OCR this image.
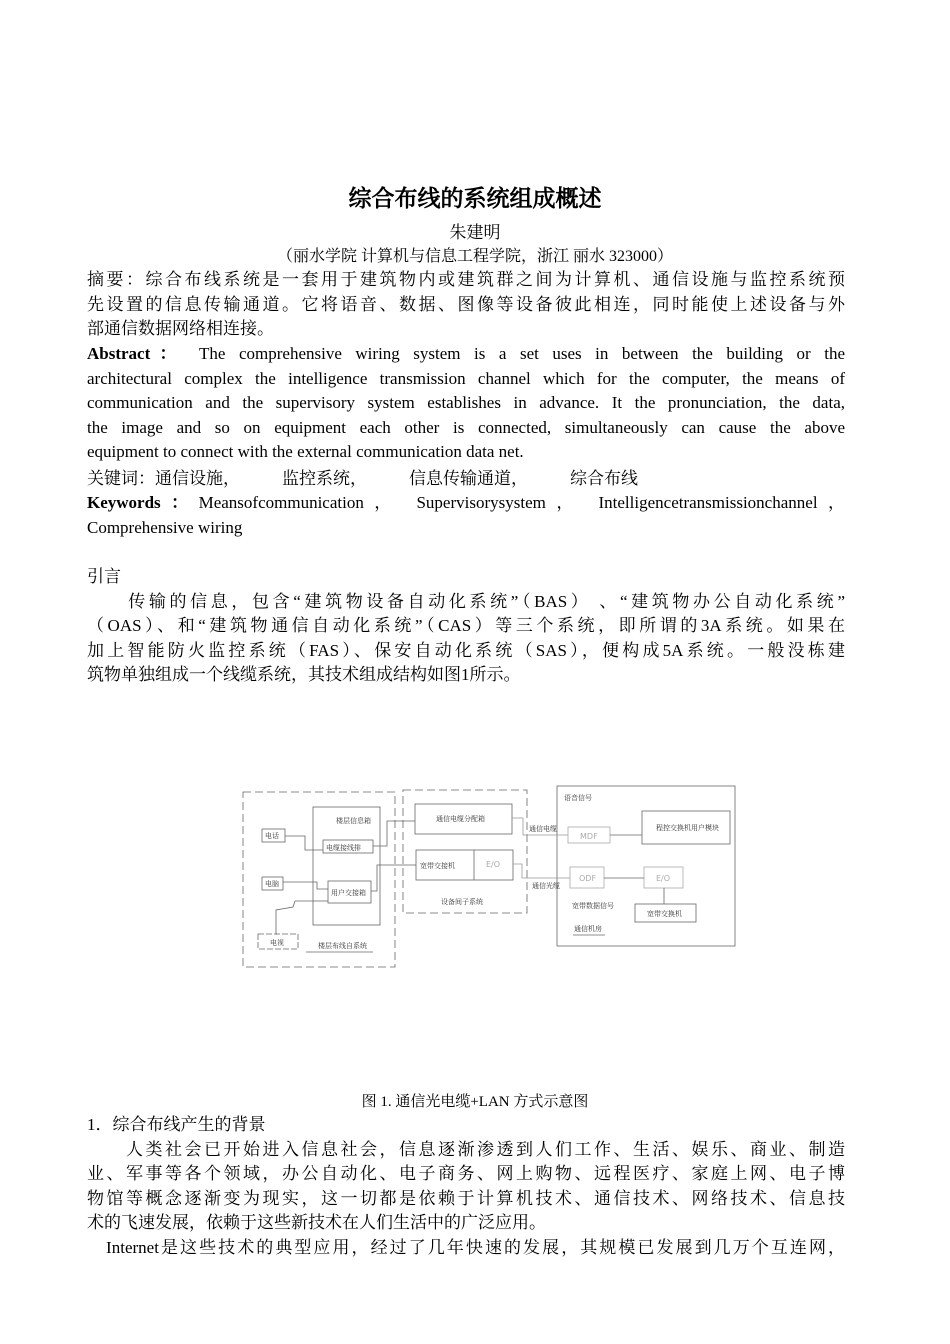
综合布线的系统组成概述
朱建明
（丽水学院 计算机与信息工程学院，浙江 丽水 323000）
摘要：综合布线系统是一套用于建筑物内或建筑群之间为计算机、通信设施与监控系统预
先设置的信息传输通道。它将语音、数据、图像等设备彼此相连，同时能使上述设备与外
部通信数据网络相连接。
Abstract： The comprehensive wiring system is a set uses in between the building or the
architectural complex the intelligence transmission channel which for the computer, the means of
communication and the supervisory system establishes in advance. It the pronunciation, the data,
the image and so on equipment each other is connected, simultaneously can cause the above
equipment to connect with the external communication data net.
关键词：通信设施， 监控系统， 信息传输通道， 综合布线
Keywords：Meansofcommunication， Supervisorysystem， Intelligencetransmissionchannel，
Comprehensive wiring
引言
　　传输的信息，包含“建筑物设备自动化系统”（BAS） 、“建筑物办公自动化系统”
（OAS）、和“建筑物通信自动化系统”（CAS）等三个系统，即所谓的3A系统。如果在
加上智能防火监控系统（FAS）、保安自动化系统（SAS），便构成5A系统。一般没栋建
筑物单独组成一个线缆系统，其技术组成结构如图1所示。
电话
电脑
电视
楼层信息箱
电缆接线排
用户交接箱
楼层布线自系统
通信电缆分配箱
宽带交接机	E/O
设备间子系统
通信电缆
通信光缆
语音信号
MDF
程控交换机用户模块
ODF	E/O
宽带数据信号
宽带交换机
通信机房
图 1. 通信光电缆+LAN 方式示意图
1．综合布线产生的背景
　　人类社会已开始进入信息社会，信息逐渐渗透到人们工作、生活、娱乐、商业、制造
业、军事等各个领域，办公自动化、电子商务、网上购物、远程医疗、家庭上网、电子博
物馆等概念逐渐变为现实，这一切都是依赖于计算机技术、通信技术、网络技术、信息技
术的飞速发展，依赖于这些新技术在人们生活中的广泛应用。
　Internet是这些技术的典型应用，经过了几年快速的发展，其规模已发展到几万个互连网，
